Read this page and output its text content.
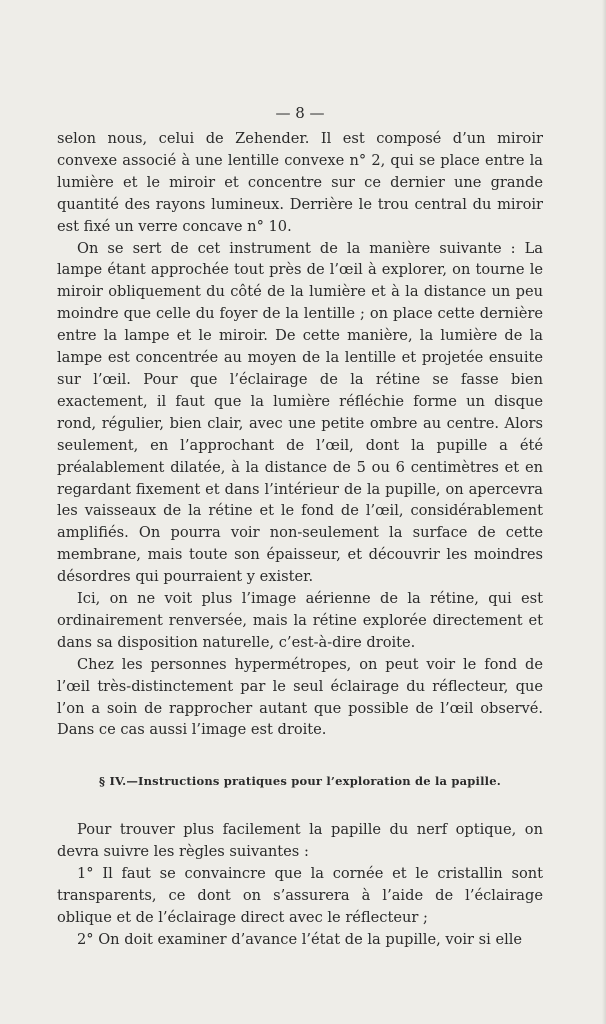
— 8 —

selon nous, celui de Zehender. Il est composé d’un miroir convexe associé à une lentille convexe n° 2, qui se place entre la lumière et le miroir et concentre sur ce dernier une grande quantité des rayons lumineux. Derrière le trou central du miroir est fixé un verre concave n° 10.

On se sert de cet instrument de la manière suivante : La lampe étant approchée tout près de l’œil à explorer, on tourne le miroir obliquement du côté de la lumière et à la distance un peu moindre que celle du foyer de la lentille ; on place cette dernière entre la lampe et le miroir. De cette manière, la lumière de la lampe est concentrée au moyen de la lentille et projetée ensuite sur l’œil. Pour que l’éclairage de la rétine se fasse bien exactement, il faut que la lumière réfléchie forme un disque rond, régulier, bien clair, avec une petite ombre au centre. Alors seulement, en l’approchant de l’œil, dont la pupille a été préalablement dilatée, à la distance de 5 ou 6 centimètres et en regardant fixement et dans l’intérieur de la pupille, on apercevra les vaisseaux de la rétine et le fond de l’œil, considérablement amplifiés. On pourra voir non-seulement la surface de cette membrane, mais toute son épaisseur, et découvrir les moindres désordres qui pourraient y exister.

Ici, on ne voit plus l’image aérienne de la rétine, qui est ordinairement renversée, mais la rétine explorée directement et dans sa disposition naturelle, c’est-à-dire droite.

Chez les personnes hypermétropes, on peut voir le fond de l’œil très-distinctement par le seul éclairage du réflecteur, que l’on a soin de rapprocher autant que possible de l’œil observé. Dans ce cas aussi l’image est droite.

§ IV.—Instructions pratiques pour l’exploration de la papille.

Pour trouver plus facilement la papille du nerf optique, on devra suivre les règles suivantes :

1° Il faut se convaincre que la cornée et le cristallin sont transparents, ce dont on s’assurera à l’aide de l’éclairage oblique et de l’éclairage direct avec le réflecteur ;

2° On doit examiner d’avance l’état de la pupille, voir si elle
